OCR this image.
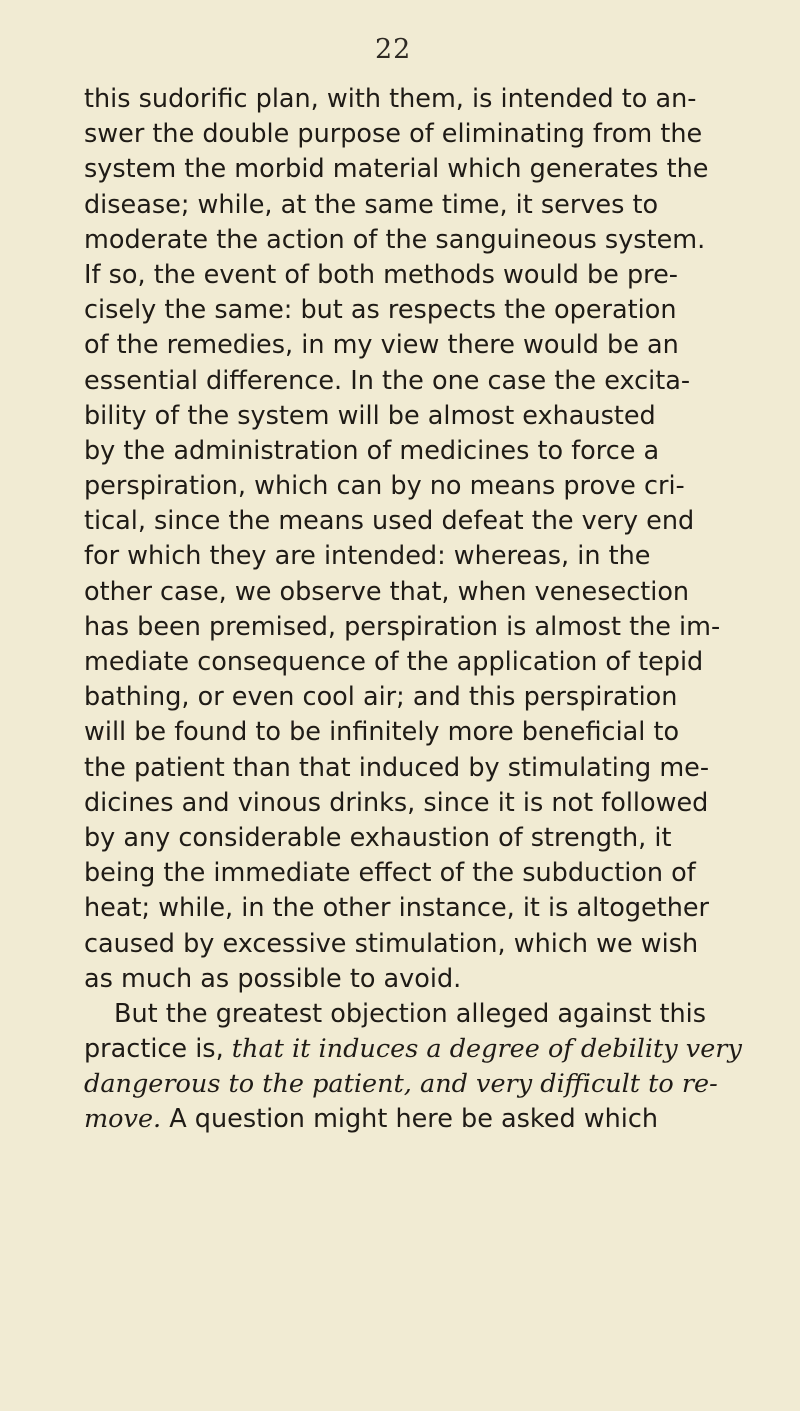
22
this sudorific plan, with them, is intended to an-
swer the double purpose of eliminating from the
system the morbid material which generates the
disease; while, at the same time, it serves to
moderate the action of the sanguineous system.
If so, the event of both methods would be pre-
cisely the same: but as respects the operation
of the remedies, in my view there would be an
essential difference. In the one case the excita-
bility of the system will be almost exhausted
by the administration of medicines to force a
perspiration, which can by no means prove cri-
tical, since the means used defeat the very end
for which they are intended: whereas, in the
other case, we observe that, when venesection
has been premised, perspiration is almost the im-
mediate consequence of the application of tepid
bathing, or even cool air; and this perspiration
will be found to be infinitely more beneficial to
the patient than that induced by stimulating me-
dicines and vinous drinks, since it is not followed
by any considerable exhaustion of strength, it
being the immediate effect of the subduction of
heat; while, in the other instance, it is altogether
caused by excessive stimulation, which we wish
as much as possible to avoid.
But the greatest objection alleged against this
practice is, that it induces a degree of debility very
dangerous to the patient, and very difficult to re-
move. A question might here be asked which
